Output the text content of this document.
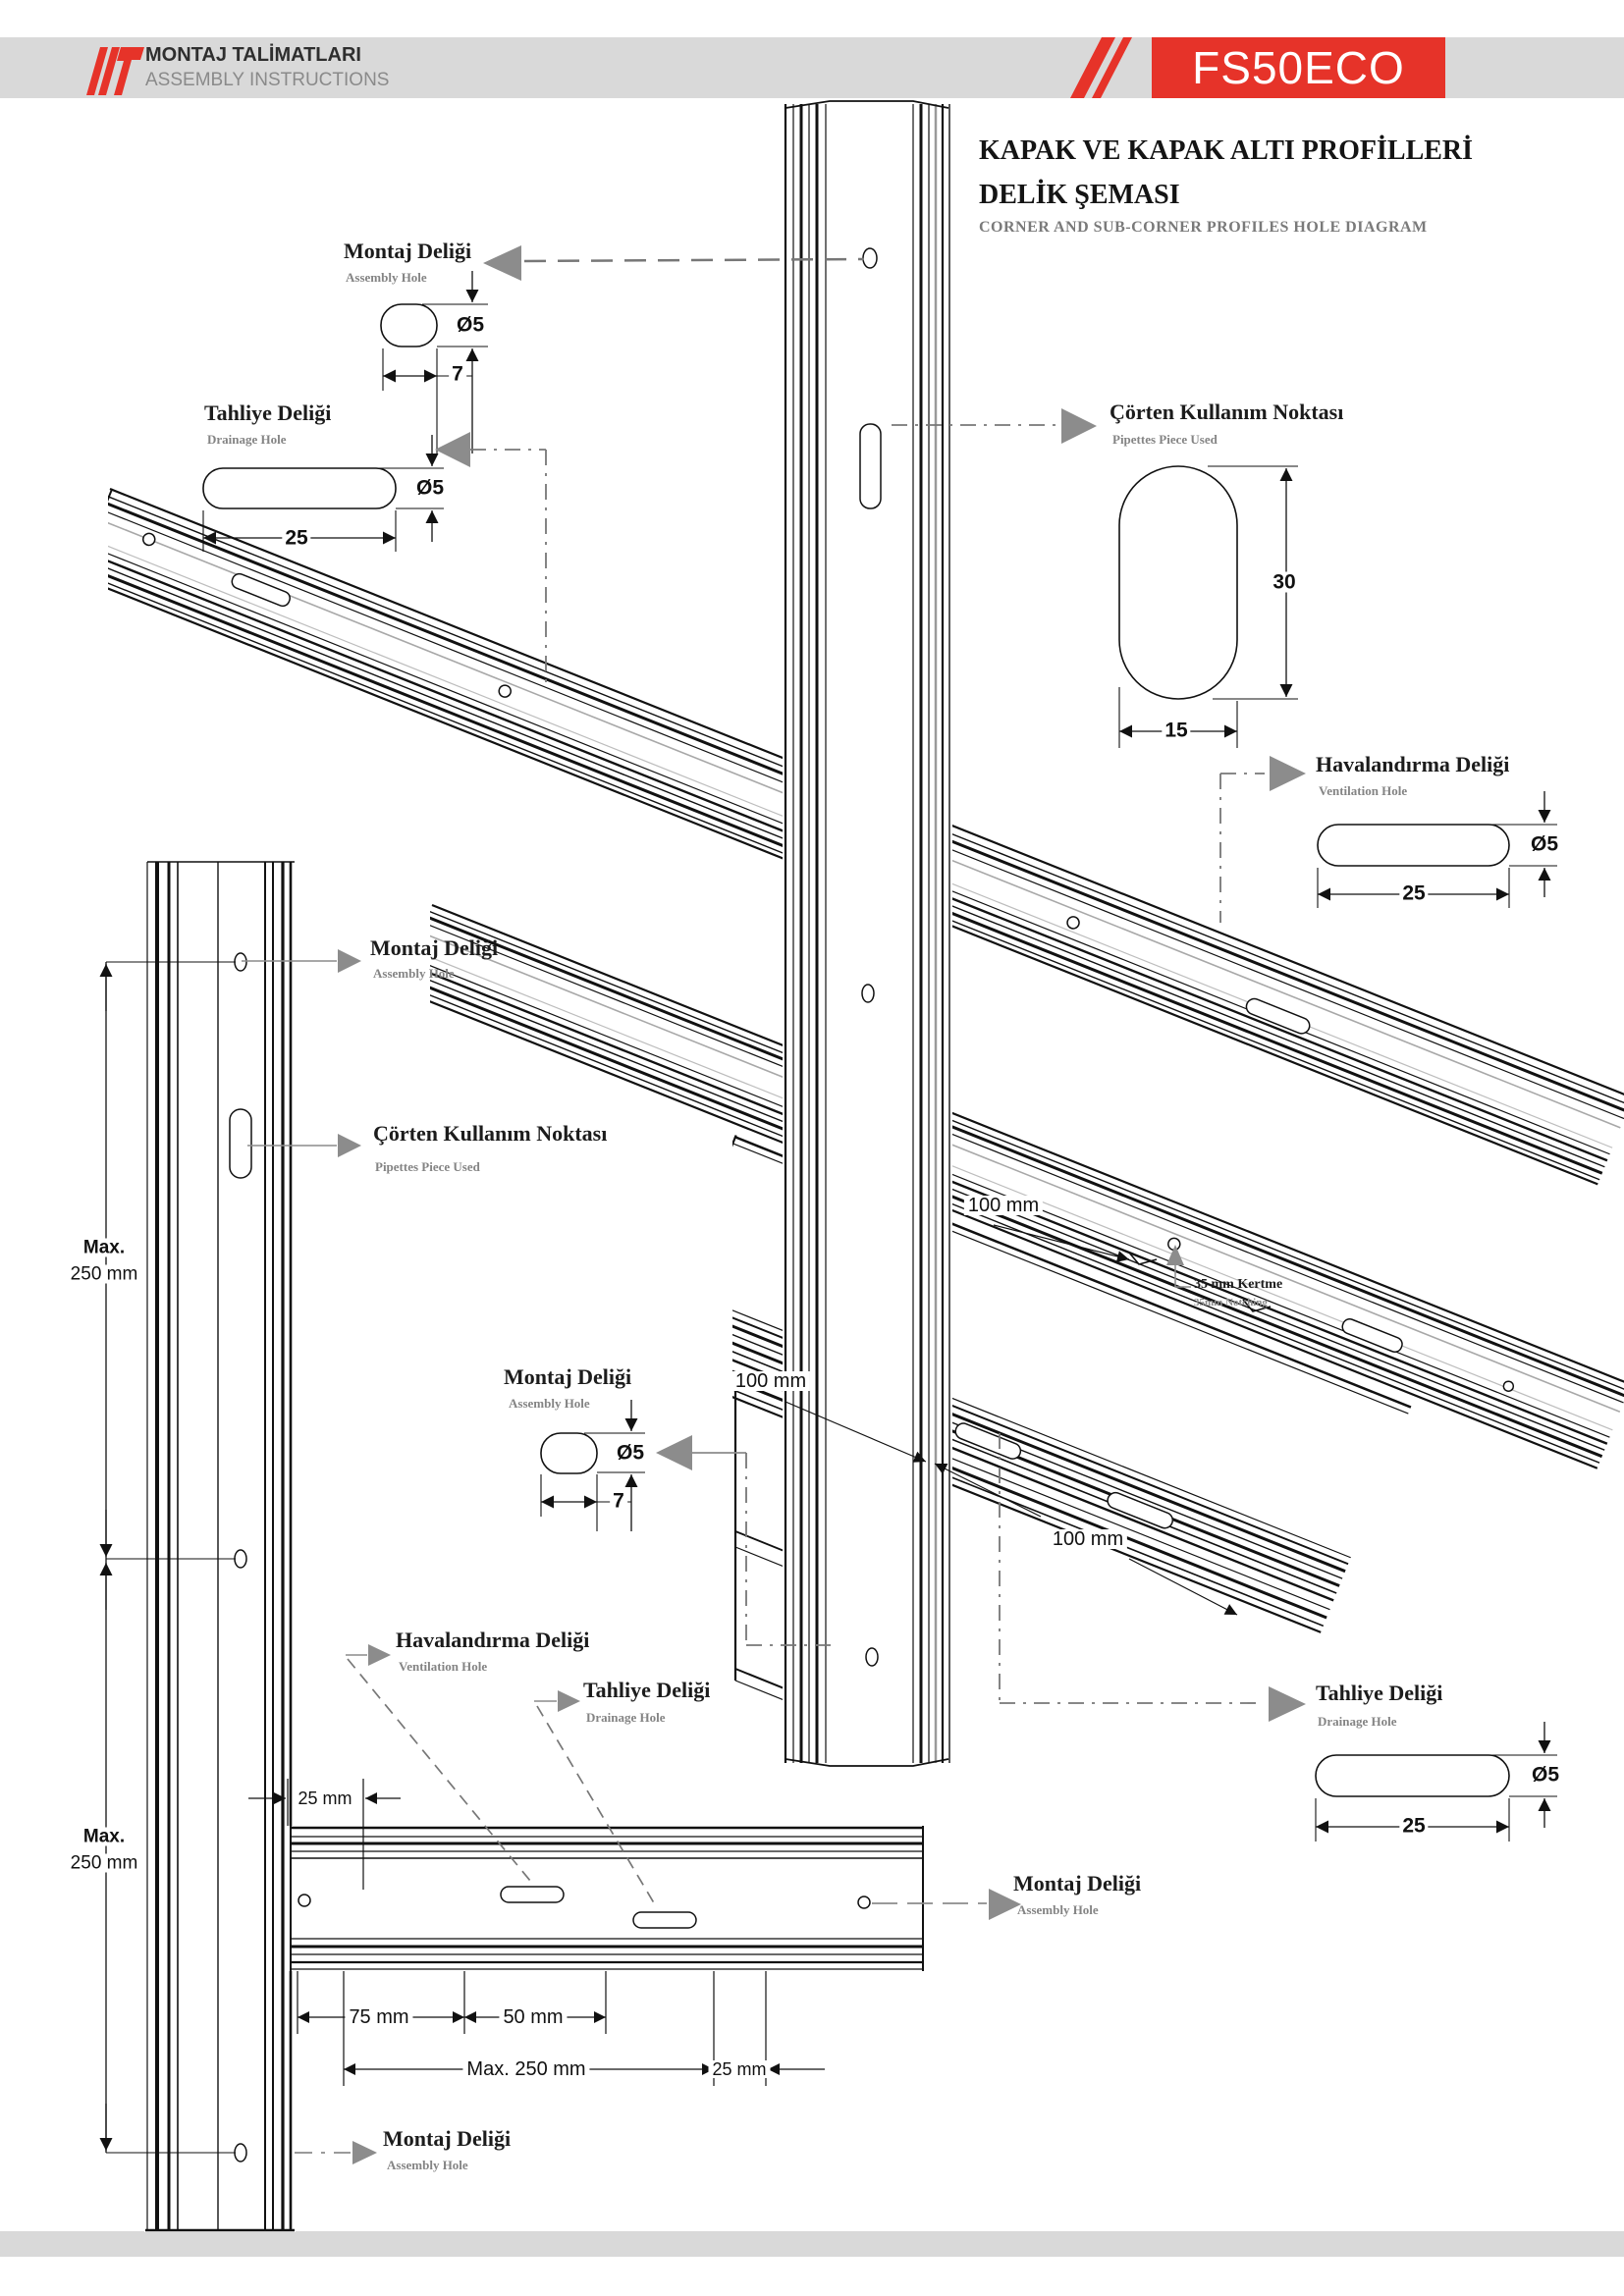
MONTAJ TALİMATLARI
ASSEMBLY INSTRUCTIONS	FS50ECO
KAPAK VE KAPAK ALTI PROFİLLERİ
DELİK ŞEMASI
CORNER AND SUB-CORNER PROFILES HOLE DIAGRAM
Montaj Deliği
Assembly Hole
Tahliye Deliği
Drainage Hole
Çörten Kullanım Noktası
Pipettes Piece Used
Havalandırma Deliği
Ventilation Hole
Montaj Deliği
Assembly Hole
Çörten Kullanım Noktası
Pipettes Piece Used
Montaj Deliği
Assembly Hole
35 mm Kertme
35mm Notching
Havalandırma Deliği
Ventilation Hole
Tahliye Deliği
Drainage Hole
Tahliye Deliği
Drainage Hole
Montaj Deliği
Assembly Hole
Montaj Deliği
Assembly Hole
Ø5
7
25
Ø5
30
15
Ø5
25
Ø5
7
Ø5
25
Max.
250 mm
Max.
250 mm
100 mm
100 mm
100 mm
25 mm
75 mm	50 mm
Max. 250 mm	25 mm
